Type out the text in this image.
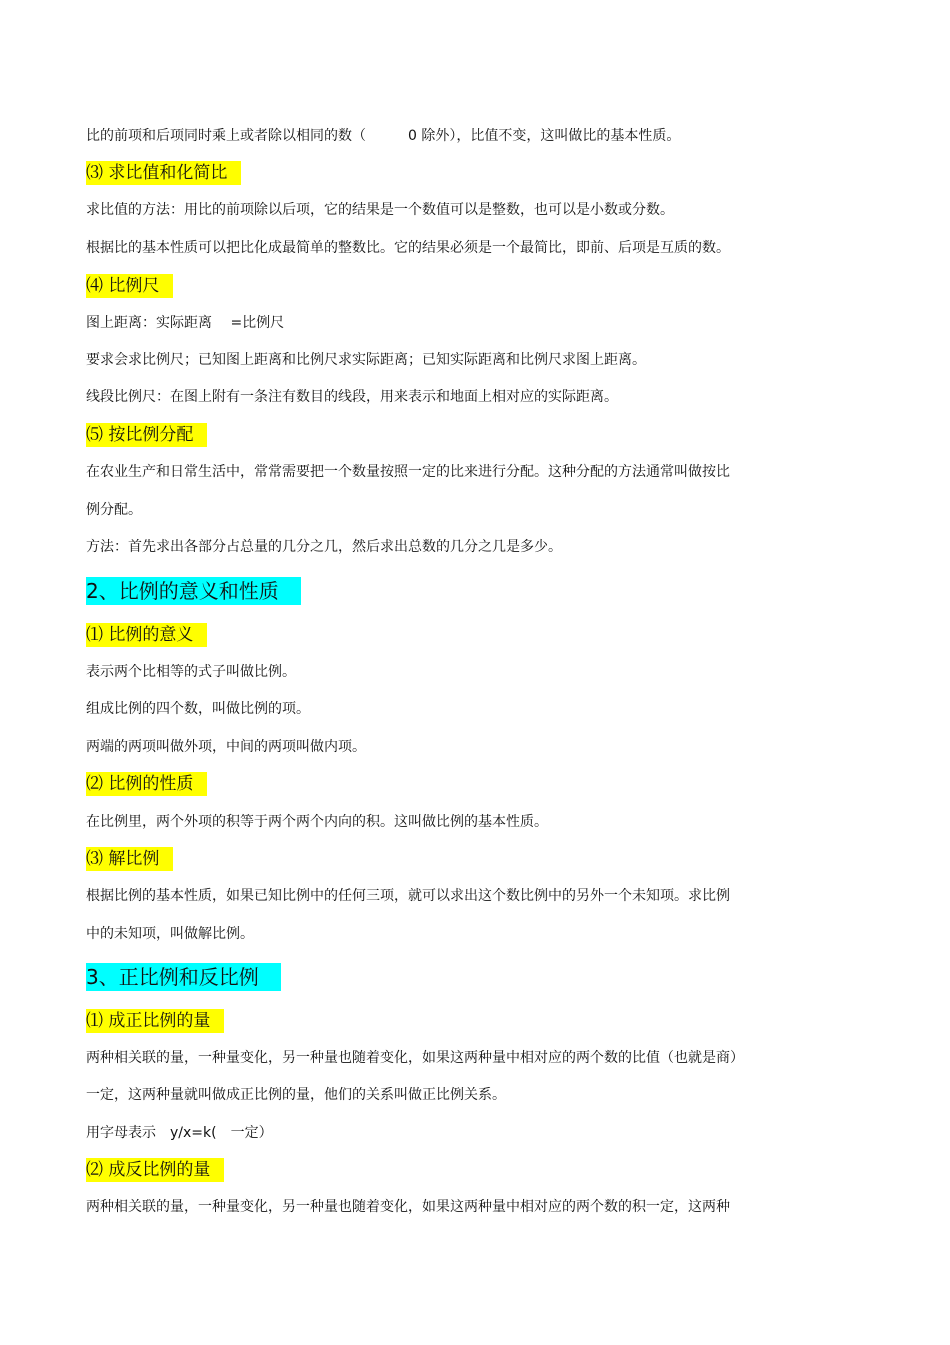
比的前项和后项同时乘上或者除以相同的数（　　　0 除外），比值不变，这叫做比的基本性质。
⑶ 求比值和化简比
求比值的方法：用比的前项除以后项，它的结果是一个数值可以是整数，也可以是小数或分数。
根据比的基本性质可以把比化成最简单的整数比。它的结果必须是一个最简比，即前、后项是互质的数。
⑷ 比例尺
图上距离：实际距离　 =比例尺
要求会求比例尺；已知图上距离和比例尺求实际距离；已知实际距离和比例尺求图上距离。
线段比例尺：在图上附有一条注有数目的线段，用来表示和地面上相对应的实际距离。
⑸ 按比例分配
在农业生产和日常生活中，常常需要把一个数量按照一定的比来进行分配。这种分配的方法通常叫做按比
例分配。
方法：首先求出各部分占总量的几分之几，然后求出总数的几分之几是多少。
2、比例的意义和性质
⑴ 比例的意义
表示两个比相等的式子叫做比例。
组成比例的四个数，叫做比例的项。
两端的两项叫做外项，中间的两项叫做内项。
⑵ 比例的性质
在比例里，两个外项的积等于两个两个内向的积。这叫做比例的基本性质。
⑶ 解比例
根据比例的基本性质，如果已知比例中的任何三项，就可以求出这个数比例中的另外一个未知项。求比例
中的未知项，叫做解比例。
3、正比例和反比例
⑴ 成正比例的量
两种相关联的量，一种量变化，另一种量也随着变化，如果这两种量中相对应的两个数的比值（也就是商）
一定，这两种量就叫做成正比例的量，他们的关系叫做正比例关系。
用字母表示　y/x=k(　一定）
⑵ 成反比例的量
两种相关联的量，一种量变化，另一种量也随着变化，如果这两种量中相对应的两个数的积一定，这两种
